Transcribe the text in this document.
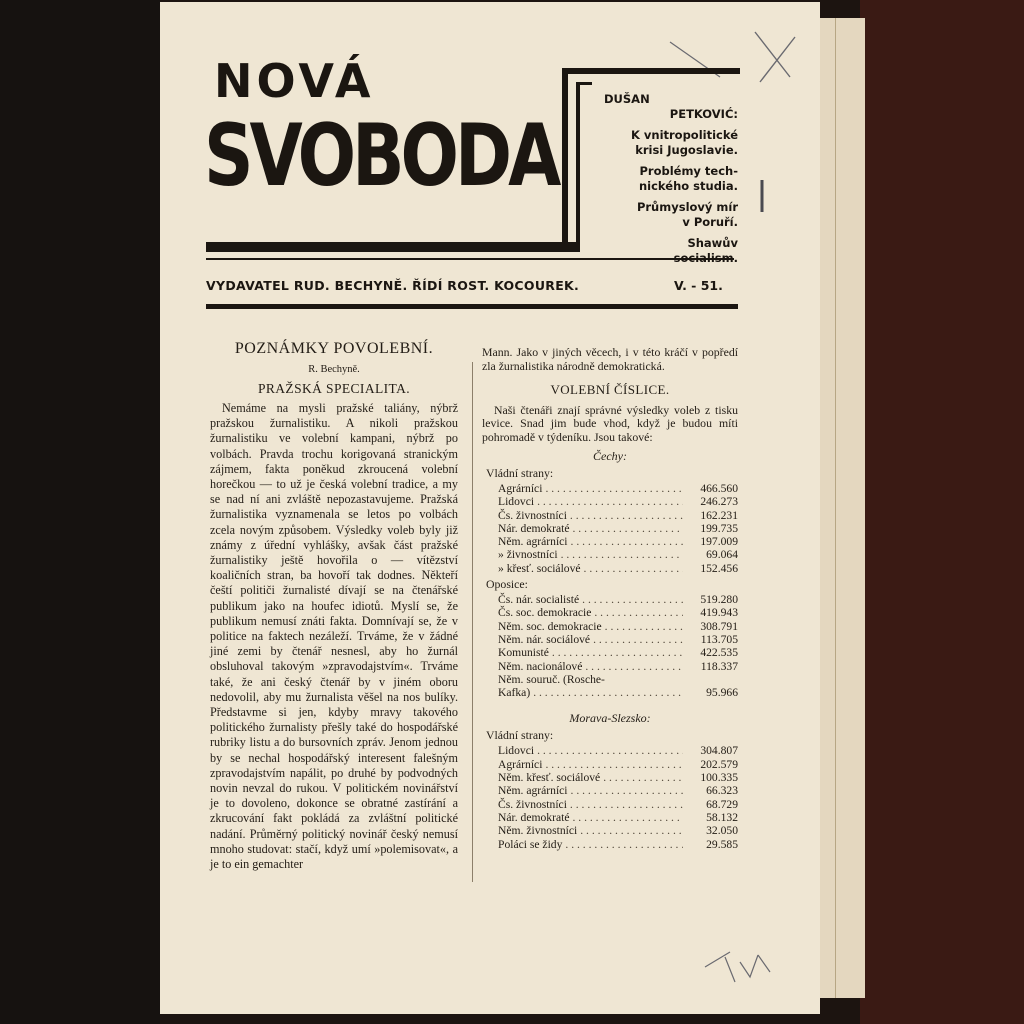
NOVÁ
SVOBODA
DUŠAN
PETKOVIĆ:
K vnitropolitické
krisi Jugoslavie.
Problémy tech-
nického studia.
Průmyslový mír
v Poruří.
Shawův
socialism.
VYDAVATEL RUD. BECHYNĚ. ŘÍDÍ ROST. KOCOUREK.	V. - 51.
POZNÁMKY POVOLEBNÍ.
R. Bechyně.
PRAŽSKÁ SPECIALITA.

Nemáme na mysli pražské taliány, nýbrž pražskou žurnalistiku. A nikoli pražskou žurnalistiku ve volební kampani, nýbrž po volbách. Pravda trochu korigovaná stranickým zájmem, fakta poněkud zkroucená volební horečkou — to už je česká volební tradice, a my se nad ní ani zvláště nepozastavujeme. Pražská žurnalistika vyznamenala se letos po volbách zcela novým způsobem. Výsledky voleb byly již známy z úřední vyhlášky, avšak část pražské žurnalistiky ještě hovořila o — vítězství koaličních stran, ba hovoří tak dodnes. Někteří čeští političi žurnalisté dívají se na čtenářské publikum jako na houfec idiotů. Myslí se, že publikum nemusí znáti fakta. Domnívají se, že v politice na faktech nezáleží. Trváme, že v žádné jiné zemi by čtenář nesnesl, aby ho žurnál obsluhoval takovým »zpravodajstvím«. Trváme také, že ani český čtenář by v jiném oboru nedovolil, aby mu žurnalista věšel na nos bulíky. Představme si jen, kdyby mravy takového politického žurnalisty přešly také do hospodářské rubriky listu a do bursovních zpráv. Jenom jednou by se nechal hospodářský interesent falešným zpravodajstvím napálit, po druhé by podvodných novin nevzal do rukou. V politickém novinářství je to dovoleno, dokonce se obratné zastírání a zkrucování fakt pokládá za zvláštní politické nadání. Průměrný politický novinář český nemusí mnoho studovat: stačí, když umí »polemisovat«, a je to ein gemachter

Mann. Jako v jiných věcech, i v této kráčí v popředí zla žurnalistika národně demokratická.

VOLEBNÍ ČÍSLICE.

Naši čtenáři znají správné výsledky voleb z tisku levice. Snad jim bude vhod, když je budou míti pohromadě v týdeníku. Jsou takové:

Čechy:
Vládní strany:
Agrárníci . . .	466.560
Lidovci . . .	246.273
Čs. živnostníci . . .	162.231
Nár. demokraté . . .	199.735
Něm. agrárníci . . .	197.009
» živnostníci . . .	69.064
» křesť. sociálové . . .	152.456
Oposice:
Čs. nár. socialisté . . .	519.280
Čs. soc. demokracie . . .	419.943
Něm. soc. demokracie . . .	308.791
Něm. nár. sociálové . . .	113.705
Komunisté . . .	422.535
Něm. nacionálové . . .	118.337
Něm. souruč. (Rosche-
Kafka) . . .	95.966
Morava-Slezsko:
Vládní strany:
Lidovci . . .	304.807
Agrárníci . . .	202.579
Něm. křesť. sociálové . . .	100.335
Něm. agrárníci . . .	66.323
Čs. živnostníci . . .	68.729
Nár. demokraté . . .	58.132
Něm. živnostníci . . .	32.050
Poláci se židy . . .	29.585
